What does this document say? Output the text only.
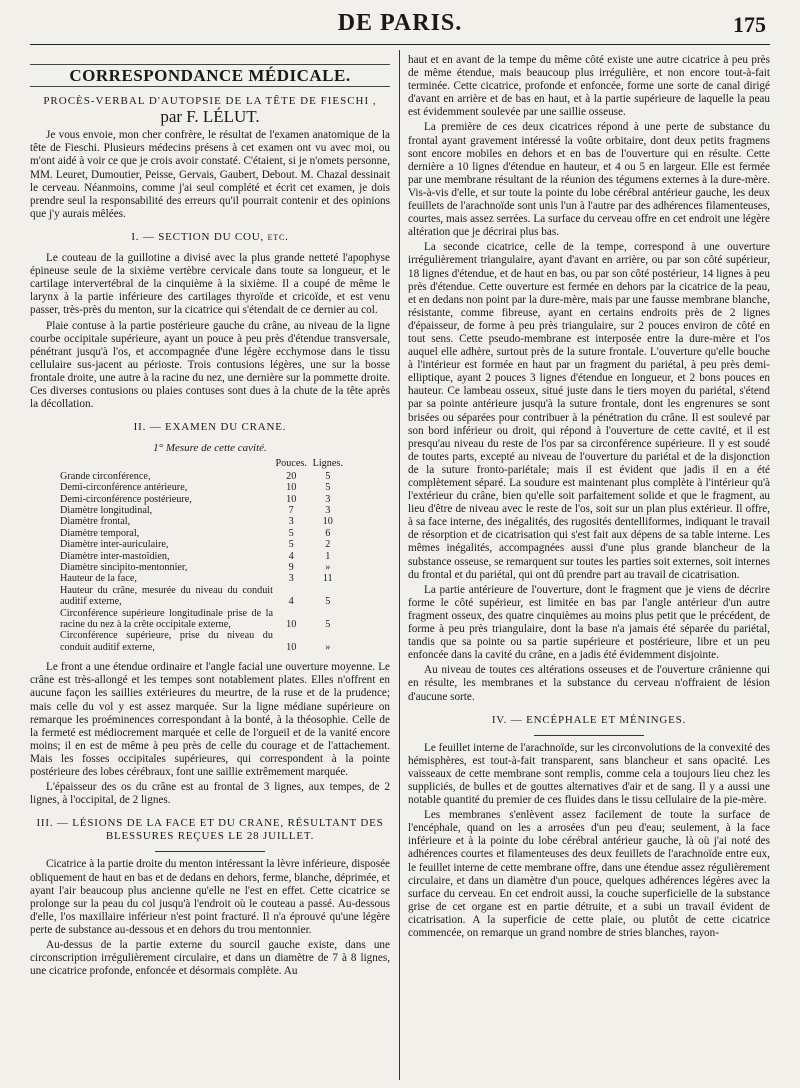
DE PARIS.	175
CORRESPONDANCE MÉDICALE.
PROCÈS-VERBAL D'AUTOPSIE DE LA TÊTE DE FIESCHI ,
par F. LÉLUT.

Je vous envoie, mon cher confrère, le résultat de l'examen anatomique de la tête de Fieschi. Plusieurs médecins présens à cet examen ont vu avec moi, ou m'ont aidé à voir ce que je crois avoir constaté. C'étaient, si je n'omets personne, MM. Leuret, Dumoutier, Peisse, Gervais, Gaubert, Debout. M. Chazal dessinait le cerveau. Néanmoins, comme j'ai seul complété et écrit cet examen, je dois prendre seul la responsabilité des erreurs qu'il pourrait contenir et des opinions que j'y aurais mêlées.

I. — SECTION DU COU, etc.

Le couteau de la guillotine a divisé avec la plus grande netteté l'apophyse épineuse seule de la sixième vertèbre cervicale dans toute sa longueur, et le cartilage intervertébral de la cinquième à la sixième. Il a coupé de même le larynx à la partie inférieure des cartilages thyroïde et cricoïde, et est venu passer, très-près du menton, sur la cicatrice qui s'étendait de ce dernier au col.

Plaie contuse à la partie postérieure gauche du crâne, au niveau de la ligne courbe occipitale supérieure, ayant un pouce à peu près d'étendue transversale, pénétrant jusqu'à l'os, et accompagnée d'une légère ecchymose dans le tissu cellulaire sus-jacent au périoste. Trois contusions légères, une sur la bosse frontale droite, une autre à la racine du nez, une dernière sur la pommette droite. Ces diverses contusions ou plaies contuses sont dues à la chute de la tête après la décollation.

II. — EXAMEN DU CRANE.
1° Mesure de cette cavité.
	Pouces.	Lignes.
Grande circonférence,	20	5
Demi-circonférence antérieure,	10	5
Demi-circonférence postérieure,	10	3
Diamètre longitudinal,	7	3
Diamètre frontal,	3	10
Diamètre temporal,	5	6
Diamètre inter-auriculaire,	5	2
Diamètre inter-mastoïdien,	4	1
Diamètre sincipito-mentonnier,	9	»
Hauteur de la face,	3	11
Hauteur du crâne, mesurée du niveau du conduit auditif externe,	4	5
Circonférence supérieure longitudinale prise de la racine du nez à la crête occipitale externe,	10	5
Circonférence supérieure, prise du niveau du conduit auditif externe,	10	»

Le front a une étendue ordinaire et l'angle facial une ouverture moyenne. Le crâne est très-allongé et les tempes sont notablement plates. Elles n'offrent en aucune façon les saillies extérieures du meurtre, de la ruse et de la prudence; mais celle du vol y est assez marquée. Sur la ligne médiane supérieure on remarque les proéminences correspondant à la bonté, à la théosophie. Celle de la fermeté est médiocrement marquée et celle de l'orgueil et de la vanité encore moins; il en est de même à peu près de celle du courage et de l'attachement. Mais les fosses occipitales supérieures, qui correspondent à la pointe postérieure des lobes cérébraux, font une saillie extrêmement marquée.

L'épaisseur des os du crâne est au frontal de 3 lignes, aux tempes, de 2 lignes, à l'occipital, de 2 lignes.

III. — LÉSIONS DE LA FACE ET DU CRANE, RÉSULTANT DES BLESSURES REÇUES LE 28 JUILLET.

Cicatrice à la partie droite du menton intéressant la lèvre inférieure, disposée obliquement de haut en bas et de dedans en dehors, ferme, blanche, déprimée, et ayant l'air beaucoup plus ancienne qu'elle ne l'est en effet. Cette cicatrice se prolonge sur la peau du col jusqu'à l'endroit où le couteau a passé. Au-dessous d'elle, l'os maxillaire inférieur n'est point fracturé. Il n'a éprouvé qu'une légère perte de substance au-dessous et en dehors du trou mentonnier.

Au-dessus de la partie externe du sourcil gauche existe, dans une circonscription irrégulièrement circulaire, et dans un diamètre de 7 à 8 lignes, une cicatrice profonde, enfoncée et désormais complète. Au

haut et en avant de la tempe du même côté existe une autre cicatrice à peu près de même étendue, mais beaucoup plus irrégulière, et non encore tout-à-fait terminée. Cette cicatrice, profonde et enfoncée, forme une sorte de canal dirigé d'avant en arrière et de bas en haut, et à la partie supérieure de laquelle la peau est évidemment soulevée par une saillie osseuse.

La première de ces deux cicatrices répond à une perte de substance du frontal ayant gravement intéressé la voûte orbitaire, dont deux petits fragmens sont encore mobiles en dehors et en bas de l'ouverture qui en résulte. Cette dernière a 10 lignes d'étendue en hauteur, et 4 ou 5 en largeur. Elle est fermée par une membrane résultant de la réunion des tégumens externes à la dure-mère. Vis-à-vis d'elle, et sur toute la pointe du lobe cérébral antérieur gauche, les deux feuillets de l'arachnoïde sont unis l'un à l'autre par des adhérences filamenteuses, courtes, mais assez serrées. La surface du cerveau offre en cet endroit une légère altération que je décrirai plus bas.

La seconde cicatrice, celle de la tempe, correspond à une ouverture irrégulièrement triangulaire, ayant d'avant en arrière, ou par son côté supérieur, 18 lignes d'étendue, et de haut en bas, ou par son côté postérieur, 14 lignes à peu près d'étendue. Cette ouverture est fermée en dehors par la cicatrice de la peau, et en dedans non point par la dure-mère, mais par une fausse membrane blanche, résistante, comme fibreuse, ayant en certains endroits près de 2 lignes d'épaisseur, de forme à peu près triangulaire, sur 2 pouces environ de côté en tout sens. Cette pseudo-membrane est interposée entre la dure-mère et l'os auquel elle adhère, surtout près de la suture frontale. L'ouverture qu'elle bouche à l'intérieur est formée en haut par un fragment du pariétal, à peu près demi-elliptique, ayant 2 pouces 3 lignes d'étendue en longueur, et 2 bons pouces en hauteur. Ce lambeau osseux, situé juste dans le tiers moyen du pariétal, s'étend par sa pointe antérieure jusqu'à la suture frontale, dont les engrenures se sont brisées ou séparées pour contribuer à la pénétration du crâne. Il est soulevé par son bord inférieur ou droit, qui répond à l'ouverture de cette cavité, et il est presqu'au niveau du reste de l'os par sa circonférence supérieure. Il y est soudé de toutes parts, excepté au niveau de l'ouverture du pariétal et de la disjonction de la suture fronto-pariétale; mais il est évident que jadis il en a été complètement séparé. La soudure est maintenant plus complète à l'intérieur qu'à l'extérieur du crâne, bien qu'elle soit parfaitement solide et que le fragment, au lieu d'être de niveau avec le reste de l'os, soit sur un plan plus extérieur. Il offre, à sa face interne, des inégalités, des rugosités dentelliformes, indiquant le travail de résorption et de cicatrisation qui s'est fait aux dépens de sa table interne. Les mêmes inégalités, accompagnées aussi d'une plus grande blancheur de la substance osseuse, se remarquent sur toutes les parties soit externes, soit internes du frontal et du pariétal, qui ont dû prendre part au travail de cicatrisation.

La partie antérieure de l'ouverture, dont le fragment que je viens de décrire forme le côté supérieur, est limitée en bas par l'angle antérieur d'un autre fragment osseux, des quatre cinquièmes au moins plus petit que le précédent, de forme à peu près triangulaire, dont la base n'a jamais été séparée du pariétal, tandis que sa pointe ou sa partie supérieure et postérieure, libre et un peu enfoncée dans la cavité du crâne, en a jadis été évidemment disjointe.

Au niveau de toutes ces altérations osseuses et de l'ouverture crânienne qui en résulte, les membranes et la substance du cerveau n'offraient de lésion d'aucune sorte.

IV. — ENCÉPHALE ET MÉNINGES.

Le feuillet interne de l'arachnoïde, sur les circonvolutions de la convexité des hémisphères, est tout-à-fait transparent, sans blancheur et sans opacité. Les vaisseaux de cette membrane sont remplis, comme cela a toujours lieu chez les suppliciés, de bulles et de gouttes alternatives d'air et de sang. Il y a aussi une notable quantité du premier de ces fluides dans le tissu cellulaire de la pie-mère.

Les membranes s'enlèvent assez facilement de toute la surface de l'encéphale, quand on les a arrosées d'un peu d'eau; seulement, à la face inférieure et à la pointe du lobe cérébral antérieur gauche, là où j'ai noté des adhérences courtes et filamenteuses des deux feuillets de l'arachnoïde entre eux, le feuillet interne de cette membrane offre, dans une étendue assez régulièrement circulaire, et dans un diamètre d'un pouce, quelques adhérences légères avec la surface du cerveau. En cet endroit aussi, la couche superficielle de la substance grise de cet organe est en partie détruite, et a subi un travail évident de cicatrisation. A la superficie de cette plaie, ou plutôt de cette cicatrice commencée, on remarque un grand nombre de stries blanches, rayon-
